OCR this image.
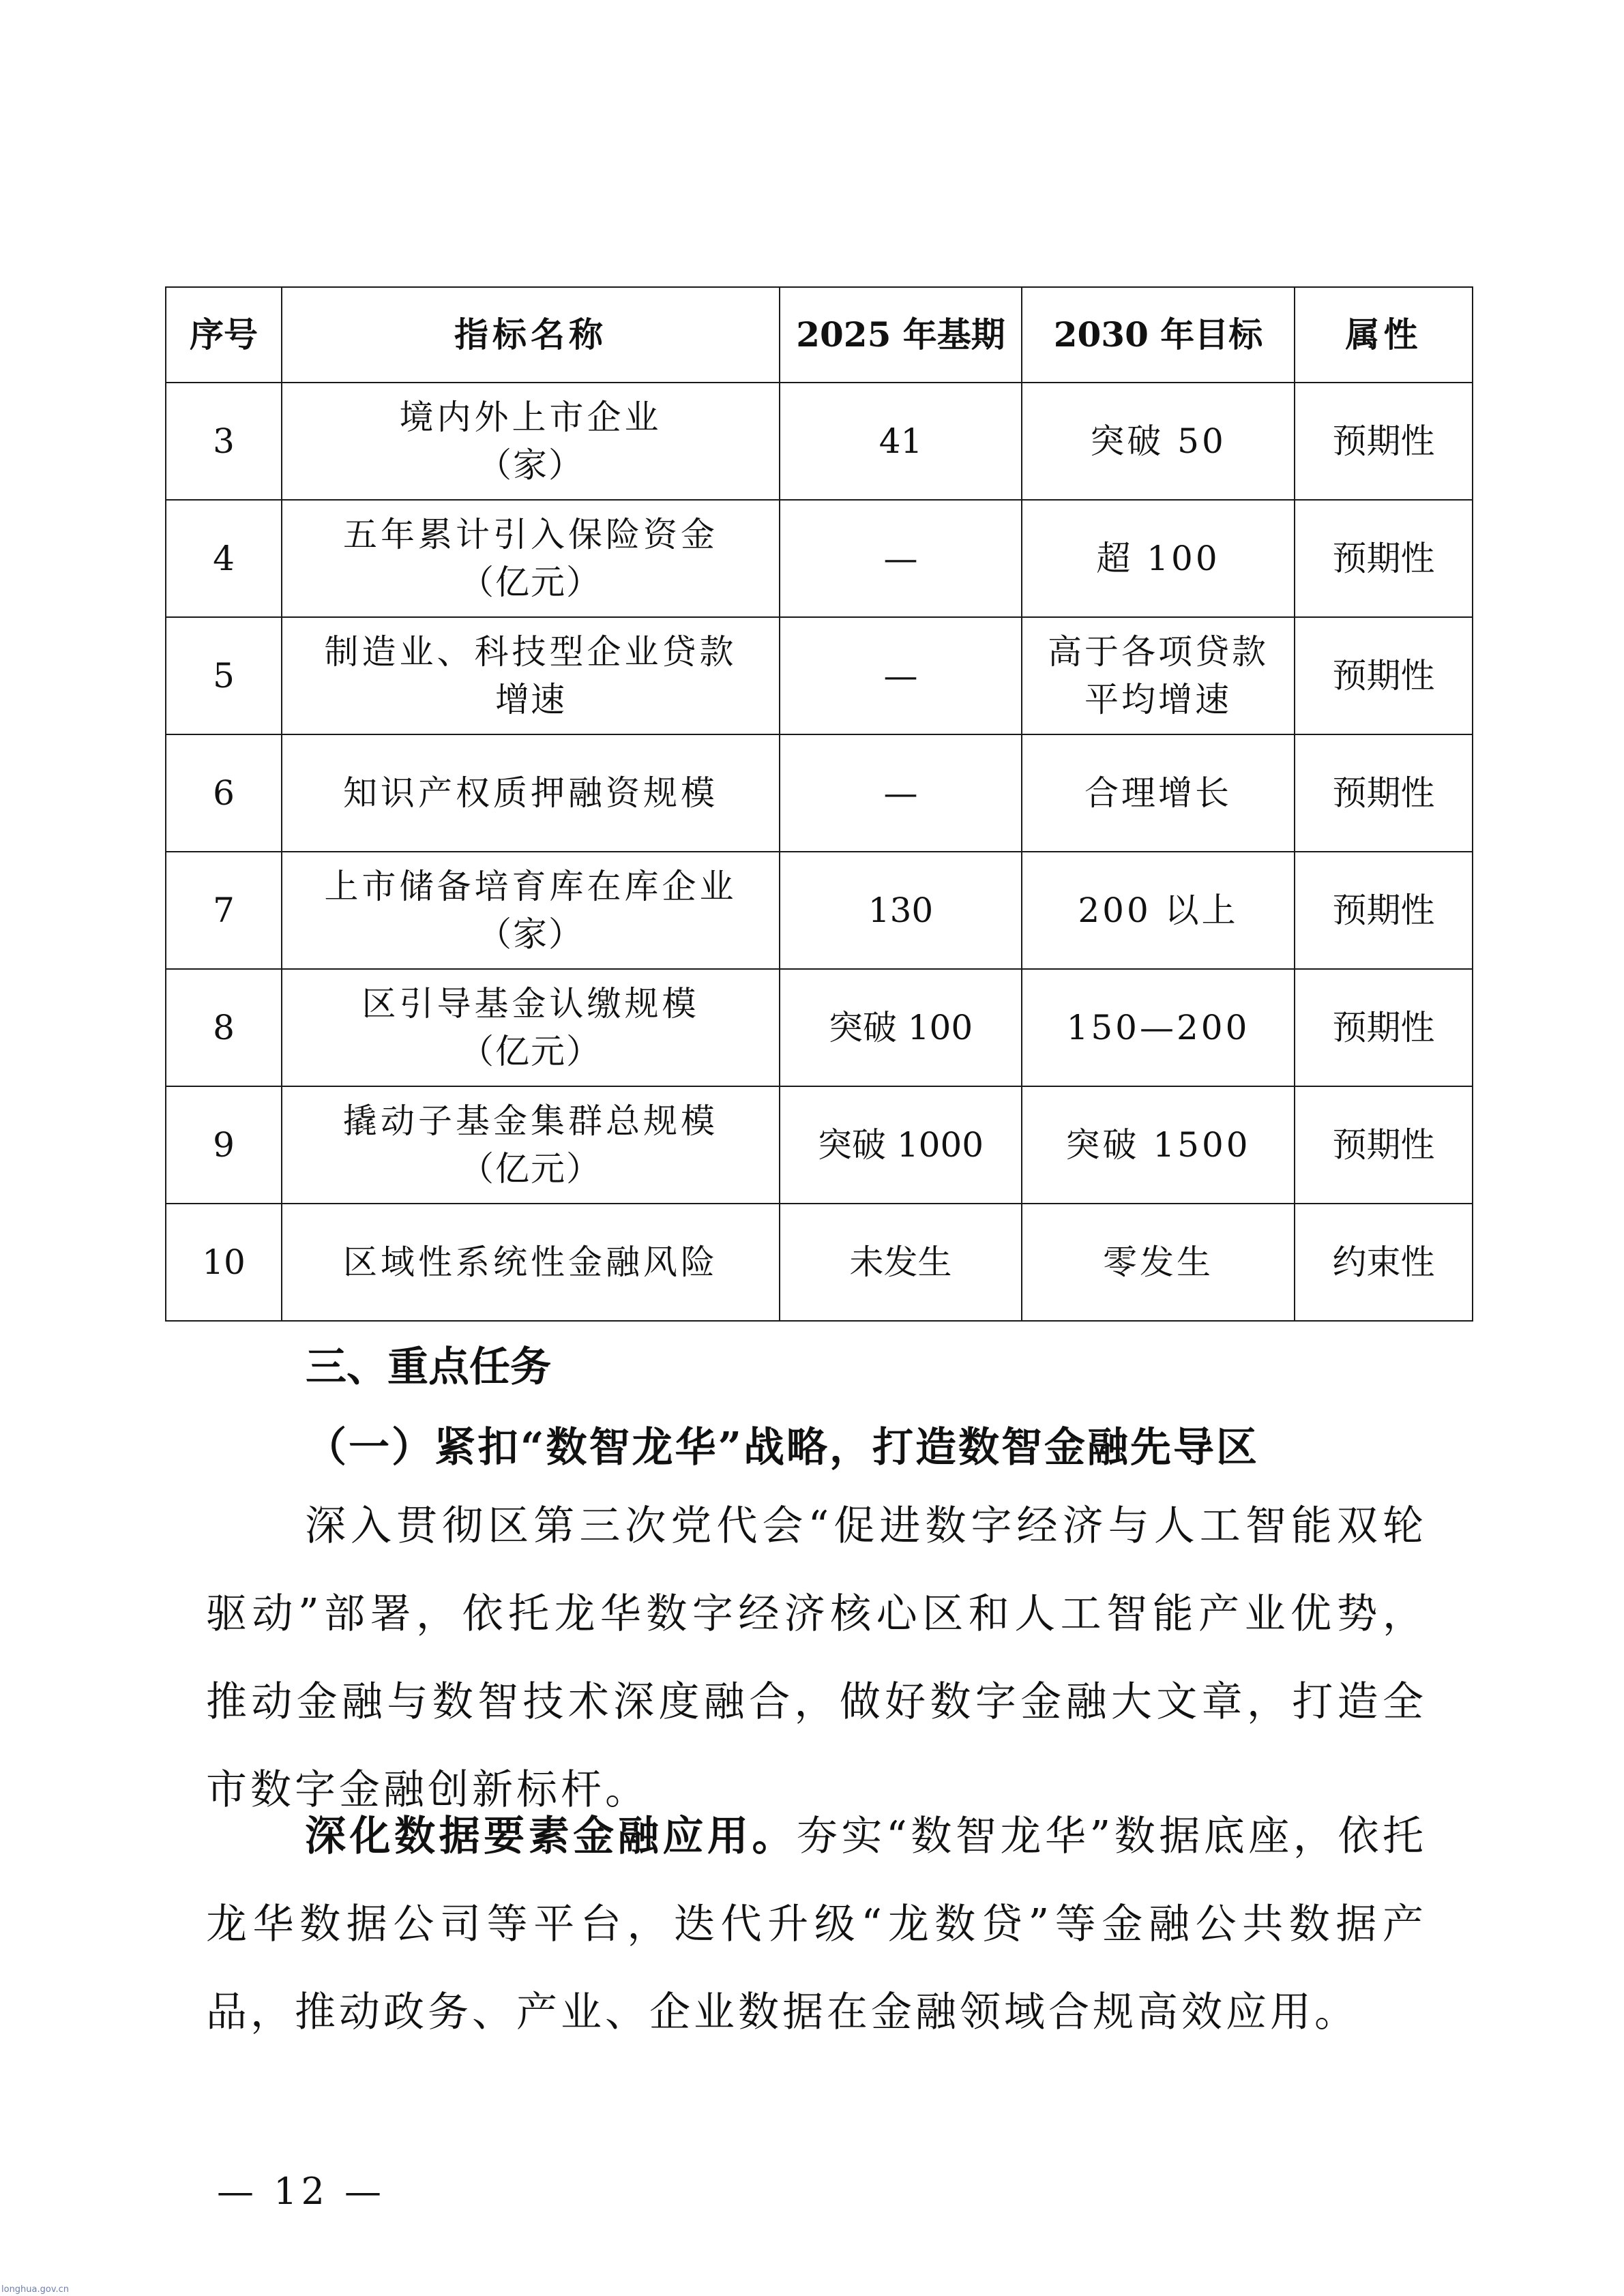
序号	指标名称	2025 年基期	2030 年目标	属性
3	境内外上市企业
（家）	41	突破 50	预期性
4	五年累计引入保险资金
（亿元）	—	超 100	预期性
5	制造业、科技型企业贷款
增速	—	高于各项贷款
平均增速	预期性
6	知识产权质押融资规模	—	合理增长	预期性
7	上市储备培育库在库企业
（家）	130	200 以上	预期性
8	区引导基金认缴规模
（亿元）	突破 100	150—200	预期性
9	撬动子基金集群总规模
（亿元）	突破 1000	突破 1500	预期性
10	区域性系统性金融风险	未发生	零发生	约束性
三、重点任务
（一）紧扣“数智龙华”战略，打造数智金融先导区
深入贯彻区第三次党代会“促进数字经济与人工智能双轮驱动”部署，依托龙华数字经济核心区和人工智能产业优势，推动金融与数智技术深度融合，做好数字金融大文章，打造全市数字金融创新标杆。
深化数据要素金融应用。夯实“数智龙华”数据底座，依托龙华数据公司等平台，迭代升级“龙数贷”等金融公共数据产品，推动政务、产业、企业数据在金融领域合规高效应用。
— 12 —
longhua.gov.cn
